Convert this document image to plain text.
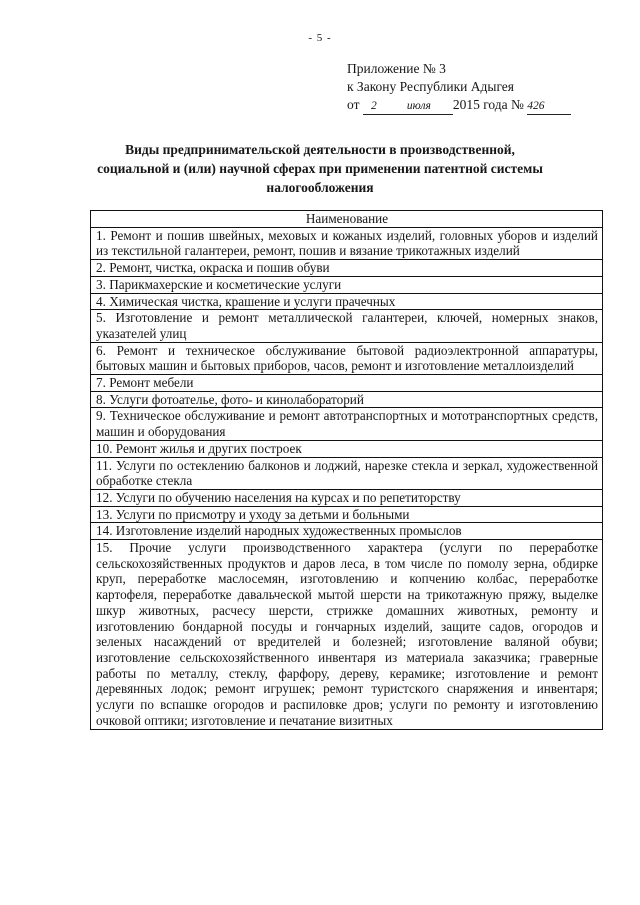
- 5 -
Приложение № 3
к Закону Республики Адыгея
от 2	июля 2015 года № 426
Виды предпринимательской деятельности в производственной,
социальной и (или) научной сферах при применении патентной системы
налогообложения
Наименование
1. Ремонт и пошив швейных, меховых и кожаных изделий, головных уборов и изделий из текстильной галантереи, ремонт, пошив и вязание трикотажных изделий
2. Ремонт, чистка, окраска и пошив обуви
3. Парикмахерские и косметические услуги
4. Химическая чистка, крашение и услуги прачечных
5. Изготовление и ремонт металлической галантереи, ключей, номерных знаков, указателей улиц
6. Ремонт и техническое обслуживание бытовой радиоэлектронной аппаратуры, бытовых машин и бытовых приборов, часов, ремонт и изготовление металлоизделий
7. Ремонт мебели
8. Услуги фотоателье, фото- и кинолабораторий
9. Техническое обслуживание и ремонт автотранспортных и мототранспортных средств, машин и оборудования
10. Ремонт жилья и других построек
11. Услуги по остеклению балконов и лоджий, нарезке стекла и зеркал, художественной обработке стекла
12. Услуги по обучению населения на курсах и по репетиторству
13. Услуги по присмотру и уходу за детьми и больными
14. Изготовление изделий народных художественных промыслов
15. Прочие услуги производственного характера (услуги по переработке сельскохозяйственных продуктов и даров леса, в том числе по помолу зерна, обдирке круп, переработке маслосемян, изготовлению и копчению колбас, переработке картофеля, переработке давальческой мытой шерсти на трикотажную пряжу, выделке шкур животных, расчесу шерсти, стрижке домашних животных, ремонту и изготовлению бондарной посуды и гончарных изделий, защите садов, огородов и зеленых насаждений от вредителей и болезней; изготовление валяной обуви; изготовление сельскохозяйственного инвентаря из материала заказчика; граверные работы по металлу, стеклу, фарфору, дереву, керамике; изготовление и ремонт деревянных лодок; ремонт игрушек; ремонт туристского снаряжения и инвентаря; услуги по вспашке огородов и распиловке дров; услуги по ремонту и изготовлению очковой оптики; изготовление и печатание визитных
